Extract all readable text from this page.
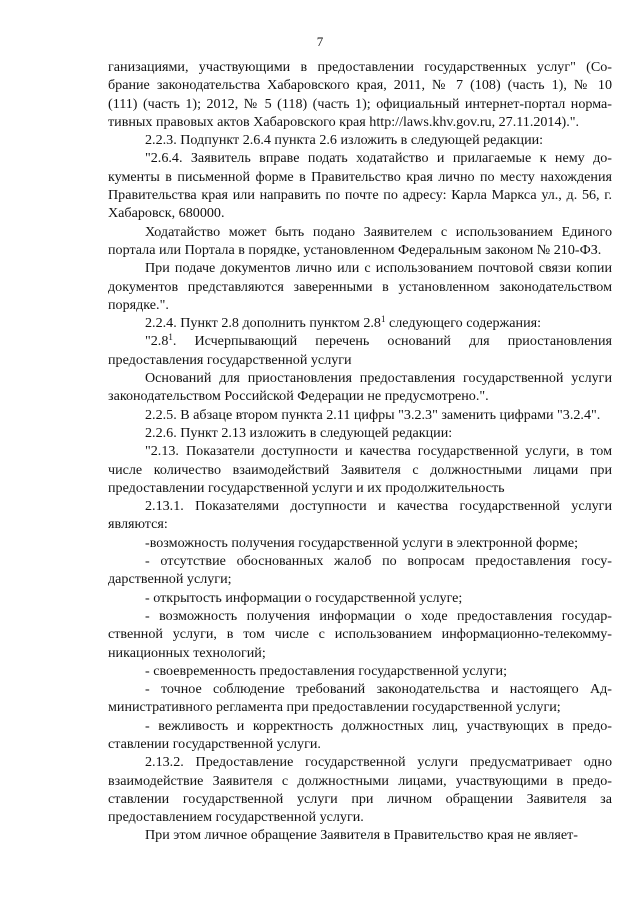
7

ганизациями, участвующими в предоставлении государственных услуг" (Со-
брание законодательства Хабаровского края, 2011, № 7 (108) (часть 1), № 10
(111) (часть 1); 2012, № 5 (118) (часть 1); официальный интернет-портал норма-
тивных правовых актов Хабаровского края http://laws.khv.gov.ru, 27.11.2014).".

2.2.3. Подпункт 2.6.4 пункта 2.6 изложить в следующей редакции:

"2.6.4. Заявитель вправе подать ходатайство и прилагаемые к нему документы в письменной форме в Правительство края лично по месту нахождения Правительства края или направить по почте по адресу: Карла Маркса ул., д. 56, г. Хабаровск, 680000.

Ходатайство может быть подано Заявителем с использованием Единого портала или Портала в порядке, установленном Федеральным законом № 210-ФЗ.

При подаче документов лично или с использованием почтовой связи копии документов представляются заверенными в установленном законодательством порядке.".

2.2.4. Пункт 2.8 дополнить пунктом $2.8^1$ следующего содержания:

"$2.8^1$. Исчерпывающий перечень оснований для приостановления предоставления государственной услуги

Оснований для приостановления предоставления государственной услуги законодательством Российской Федерации не предусмотрено.".

2.2.5. В абзаце втором пункта 2.11 цифры "3.2.3" заменить цифрами "3.2.4".

2.2.6. Пункт 2.13 изложить в следующей редакции:

"2.13. Показатели доступности и качества государственной услуги, в том числе количество взаимодействий Заявителя с должностными лицами при предоставлении государственной услуги и их продолжительность

2.13.1. Показателями доступности и качества государственной услуги являются:

-возможность получения государственной услуги в электронной форме;

- отсутствие обоснованных жалоб по вопросам предоставления государственной услуги;

- открытость информации о государственной услуге;

- возможность получения информации о ходе предоставления государственной услуги, в том числе с использованием информационно-телекоммуникационных технологий;

- своевременность предоставления государственной услуги;

- точное соблюдение требований законодательства и настоящего Административного регламента при предоставлении государственной услуги;

- вежливость и корректность должностных лиц, участвующих в предоставлении государственной услуги.

2.13.2. Предоставление государственной услуги предусматривает одно взаимодействие Заявителя с должностными лицами, участвующими в предоставлении государственной услуги при личном обращении Заявителя за предоставлением государственной услуги.

При этом личное обращение Заявителя в Правительство края не являет-
